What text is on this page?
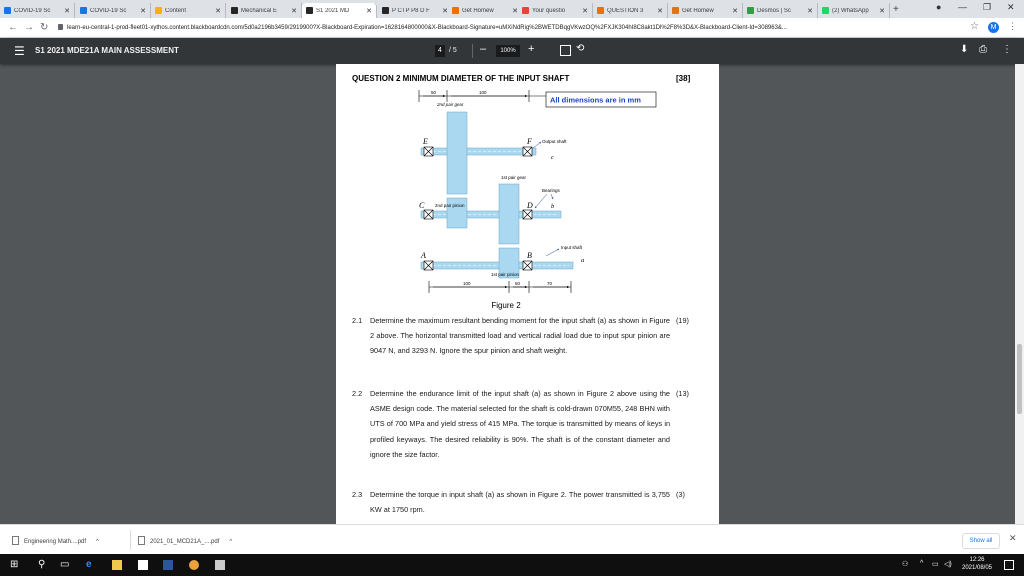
COVID-19 Sc	✕	COVID-19 Sc	✕	Content	✕	Mechanical E	✕	S1 2021 MD	✕	P CTP P8 D F	✕ Get Homew	✕ Your questio	✕	QUESTION 3	✕	Get Homew	✕	Desmos | Sc	✕	(2) WhatsApp	✕ +	● — ❐ ✕
← → ↻	learn-eu-central-1-prod-fleet01-xythos.content.blackboardcdn.com/5d0a2196b3459/2919900?X-Blackboard-Expiration=1628164800000&X-Blackboard-Signature=uMXiNdRig%2BWETDBqgVKwzOQ%2FXJK304hI8C8akt1Dl%2F8%3D&X-Blackboard-Client-Id=308963&...	☆	M ⋮
☰ S1 2021 MDE21A MAIN ASSESSMENT	4	/ 5 –	100%	+	⟲	⬇ ⎙ ⋮
QUESTION 2 MINIMUM DIAMETER OF THE INPUT SHAFT	[38]
50	100
2nd pair gear	All dimensions are in mm
E	F
C	D
A	B
Output shaft
c
1st pair gear
Bearings
b
2nd pair pinion
Input shaft
a
1st pair pinion
100	50	70
Figure 2
2.1 Determine the maximum resultant bending moment for the input shaft (a) as shown in Figure 2 above. The horizontal transmitted load and vertical radial load due to input spur pinion are 9047 N, and 3293 N. Ignore the spur pinion and shaft weight.
(19)
2.2 Determine the endurance limit of the input shaft (a) as shown in Figure 2 above using the ASME design code. The material selected for the shaft is cold-drawn 070M55, 248 BHN with UTS of 700 MPa and yield stress of 415 MPa. The torque is transmitted by means of keys in profiled keyways. The desired reliability is 90%. The shaft is of the constant diameter and ignore the size factor.
(13)
2.3 Determine the torque in input shaft (a) as shown in Figure 2. The power transmitted is 3,755 KW at 1750 rpm.
(3)
Engineering Math....pdf ^	2021_01_MCD21A_....pdf ^	Show all	✕
⊞ ⚲ ▭ e	⚇ ^ ▭ ◁)
12:26
2021/08/05
